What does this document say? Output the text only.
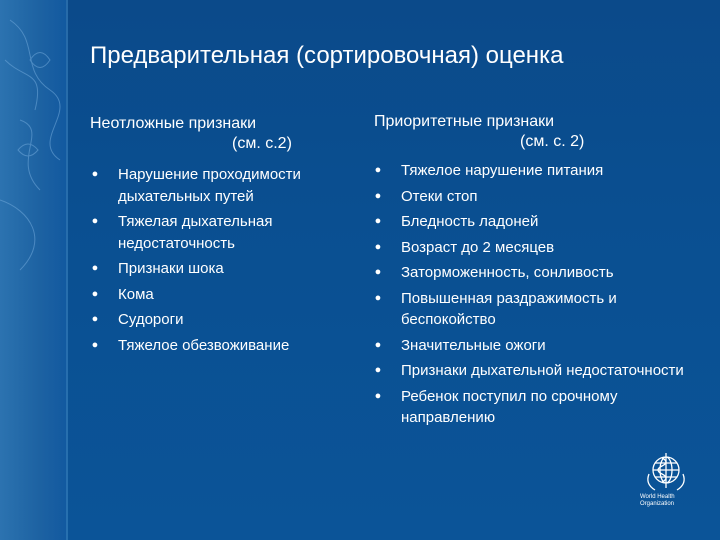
Предварительная (сортировочная) оценка
Неотложные признаки
(см. с.2)
Приоритетные признаки
(см. с. 2)
● Нарушение проходимости дыхательных путей
● Тяжелая дыхательная недостаточность
● Признаки шока
● Кома
● Судороги
● Тяжелое обезвоживание
● Тяжелое нарушение питания
● Отеки стоп
● Бледность ладоней
● Возраст до 2 месяцев
● Заторможенность, сонливость
● Повышенная раздражимость и беспокойство
● Значительные ожоги
● Признаки дыхательной недостаточности
● Ребенок поступил по срочному направлению
World Health
Organization
